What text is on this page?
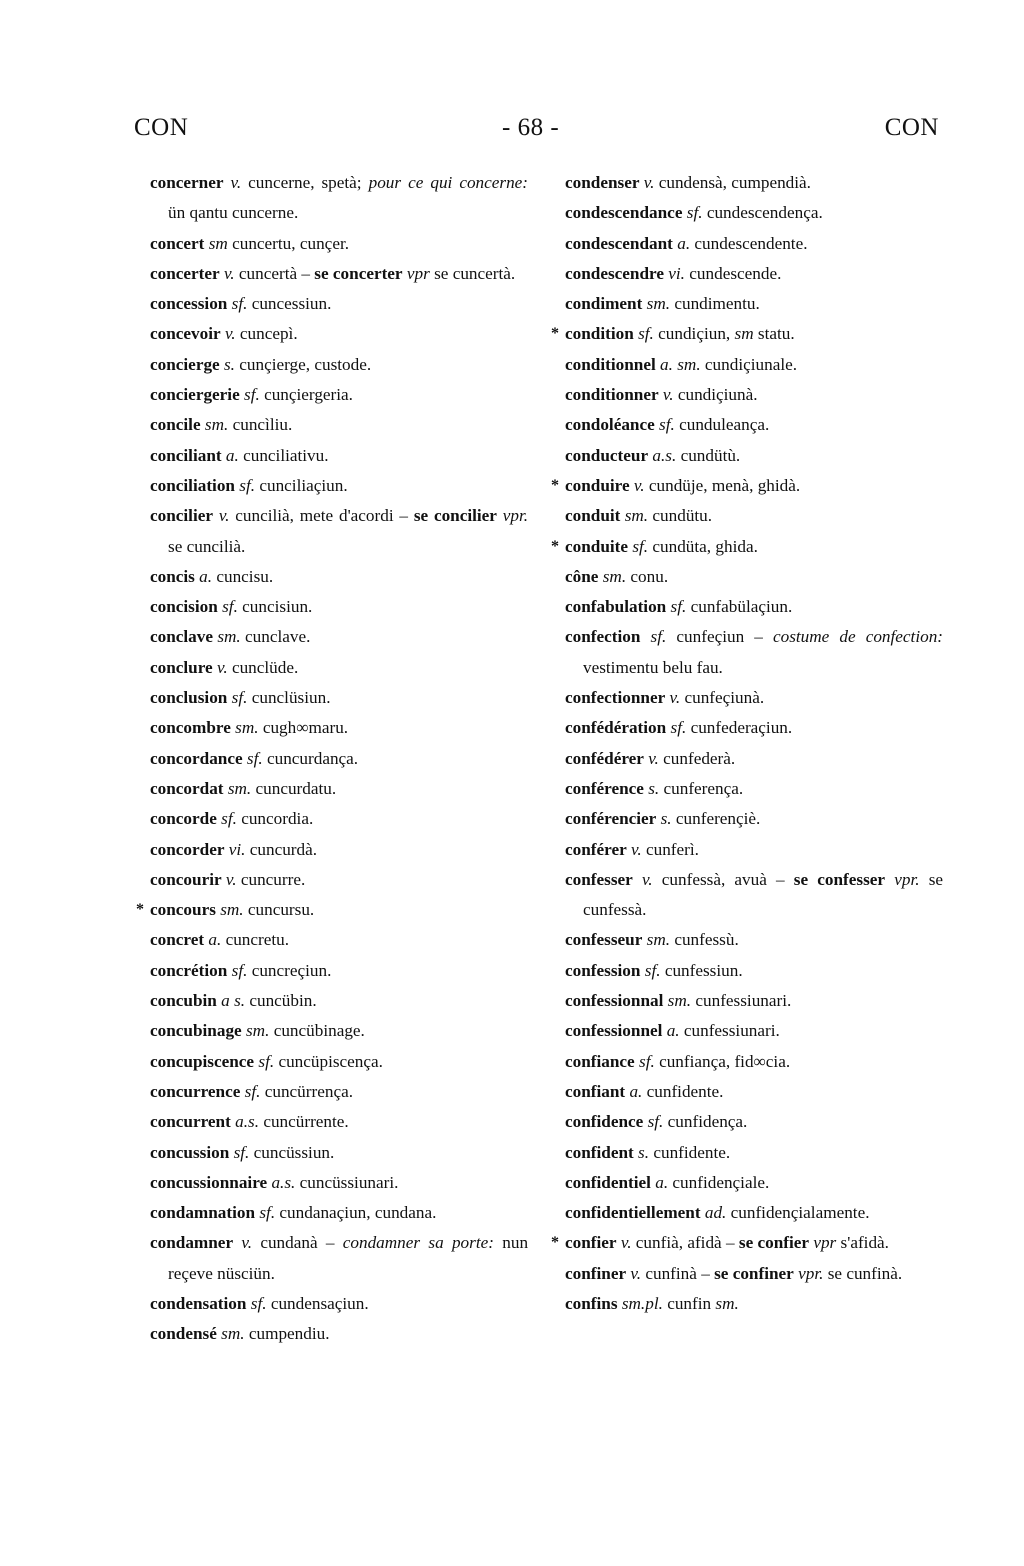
CON	- 68 -	CON
concerner v. cuncerne, spetà; pour ce qui concerne: ün qantu cuncerne.
concert sm cuncertu, cunçer.
concerter v. cuncertà – se concerter vpr se cuncertà.
concession sf. cuncessiun.
concevoir v. cuncepì.
concierge s. cunçierge, custode.
conciergerie sf. cunçiergeria.
concile sm. cuncìliu.
conciliant a. cunciliativu.
conciliation sf. cunciliaçiun.
concilier v. cuncilià, mete d'acordi – se concilier vpr. se cuncilià.
concis a. cuncisu.
concision sf. cuncisiun.
conclave sm. cunclave.
conclure v. cunclüde.
conclusion sf. cunclüsiun.
concombre sm. cugh∞maru.
concordance sf. cuncurdança.
concordat sm. cuncurdatu.
concorde sf. cuncordia.
concorder vi. cuncurdà.
concourir v. cuncurre.
* concours sm. cuncursu.
concret a. cuncretu.
concrétion sf. cuncreçiun.
concubin a s. cuncübin.
concubinage sm. cuncübinage.
concupiscence sf. cuncüpiscença.
concurrence sf. cuncürrença.
concurrent a.s. cuncürrente.
concussion sf. cuncüssiun.
concussionnaire a.s. cuncüssiunari.
condamnation sf. cundanaçiun, cundana.
condamner v. cundanà – condamner sa porte: nun reçeve nüsciün.
condensation sf. cundensaçiun.
condensé sm. cumpendiu.
condenser v. cundensà, cumpendià.
condescendance sf. cundescendença.
condescendant a. cundescendente.
condescendre vi. cundescende.
condiment sm. cundimentu.
* condition sf. cundiçiun, sm statu.
conditionnel a. sm. cundiçiunale.
conditionner v. cundiçiunà.
condoléance sf. cunduleança.
conducteur a.s. cundütù.
* conduire v. cundüje, menà, ghidà.
conduit sm. cundütu.
* conduite sf. cundüta, ghida.
cône sm. conu.
confabulation sf. cunfabülaçiun.
confection sf. cunfeçiun – costume de confection: vestimentu belu fau.
confectionner v. cunfeçiunà.
confédération sf. cunfederaçiun.
confédérer v. cunfederà.
conférence s. cunferença.
conférencier s. cunferençiè.
conférer v. cunferì.
confesser v. cunfessà, avuà – se confesser vpr. se cunfessà.
confesseur sm. cunfessù.
confession sf. cunfessiun.
confessionnal sm. cunfessiunari.
confessionnel a. cunfessiunari.
confiance sf. cunfiança, fid∞cia.
confiant a. cunfidente.
confidence sf. cunfidença.
confident s. cunfidente.
confidentiel a. cunfidençiale.
confidentiellement ad. cunfidençialamente.
* confier v. cunfià, afidà – se confier vpr s'afidà.
confiner v. cunfinà – se confiner vpr. se cunfinà.
confins sm.pl. cunfin sm.
